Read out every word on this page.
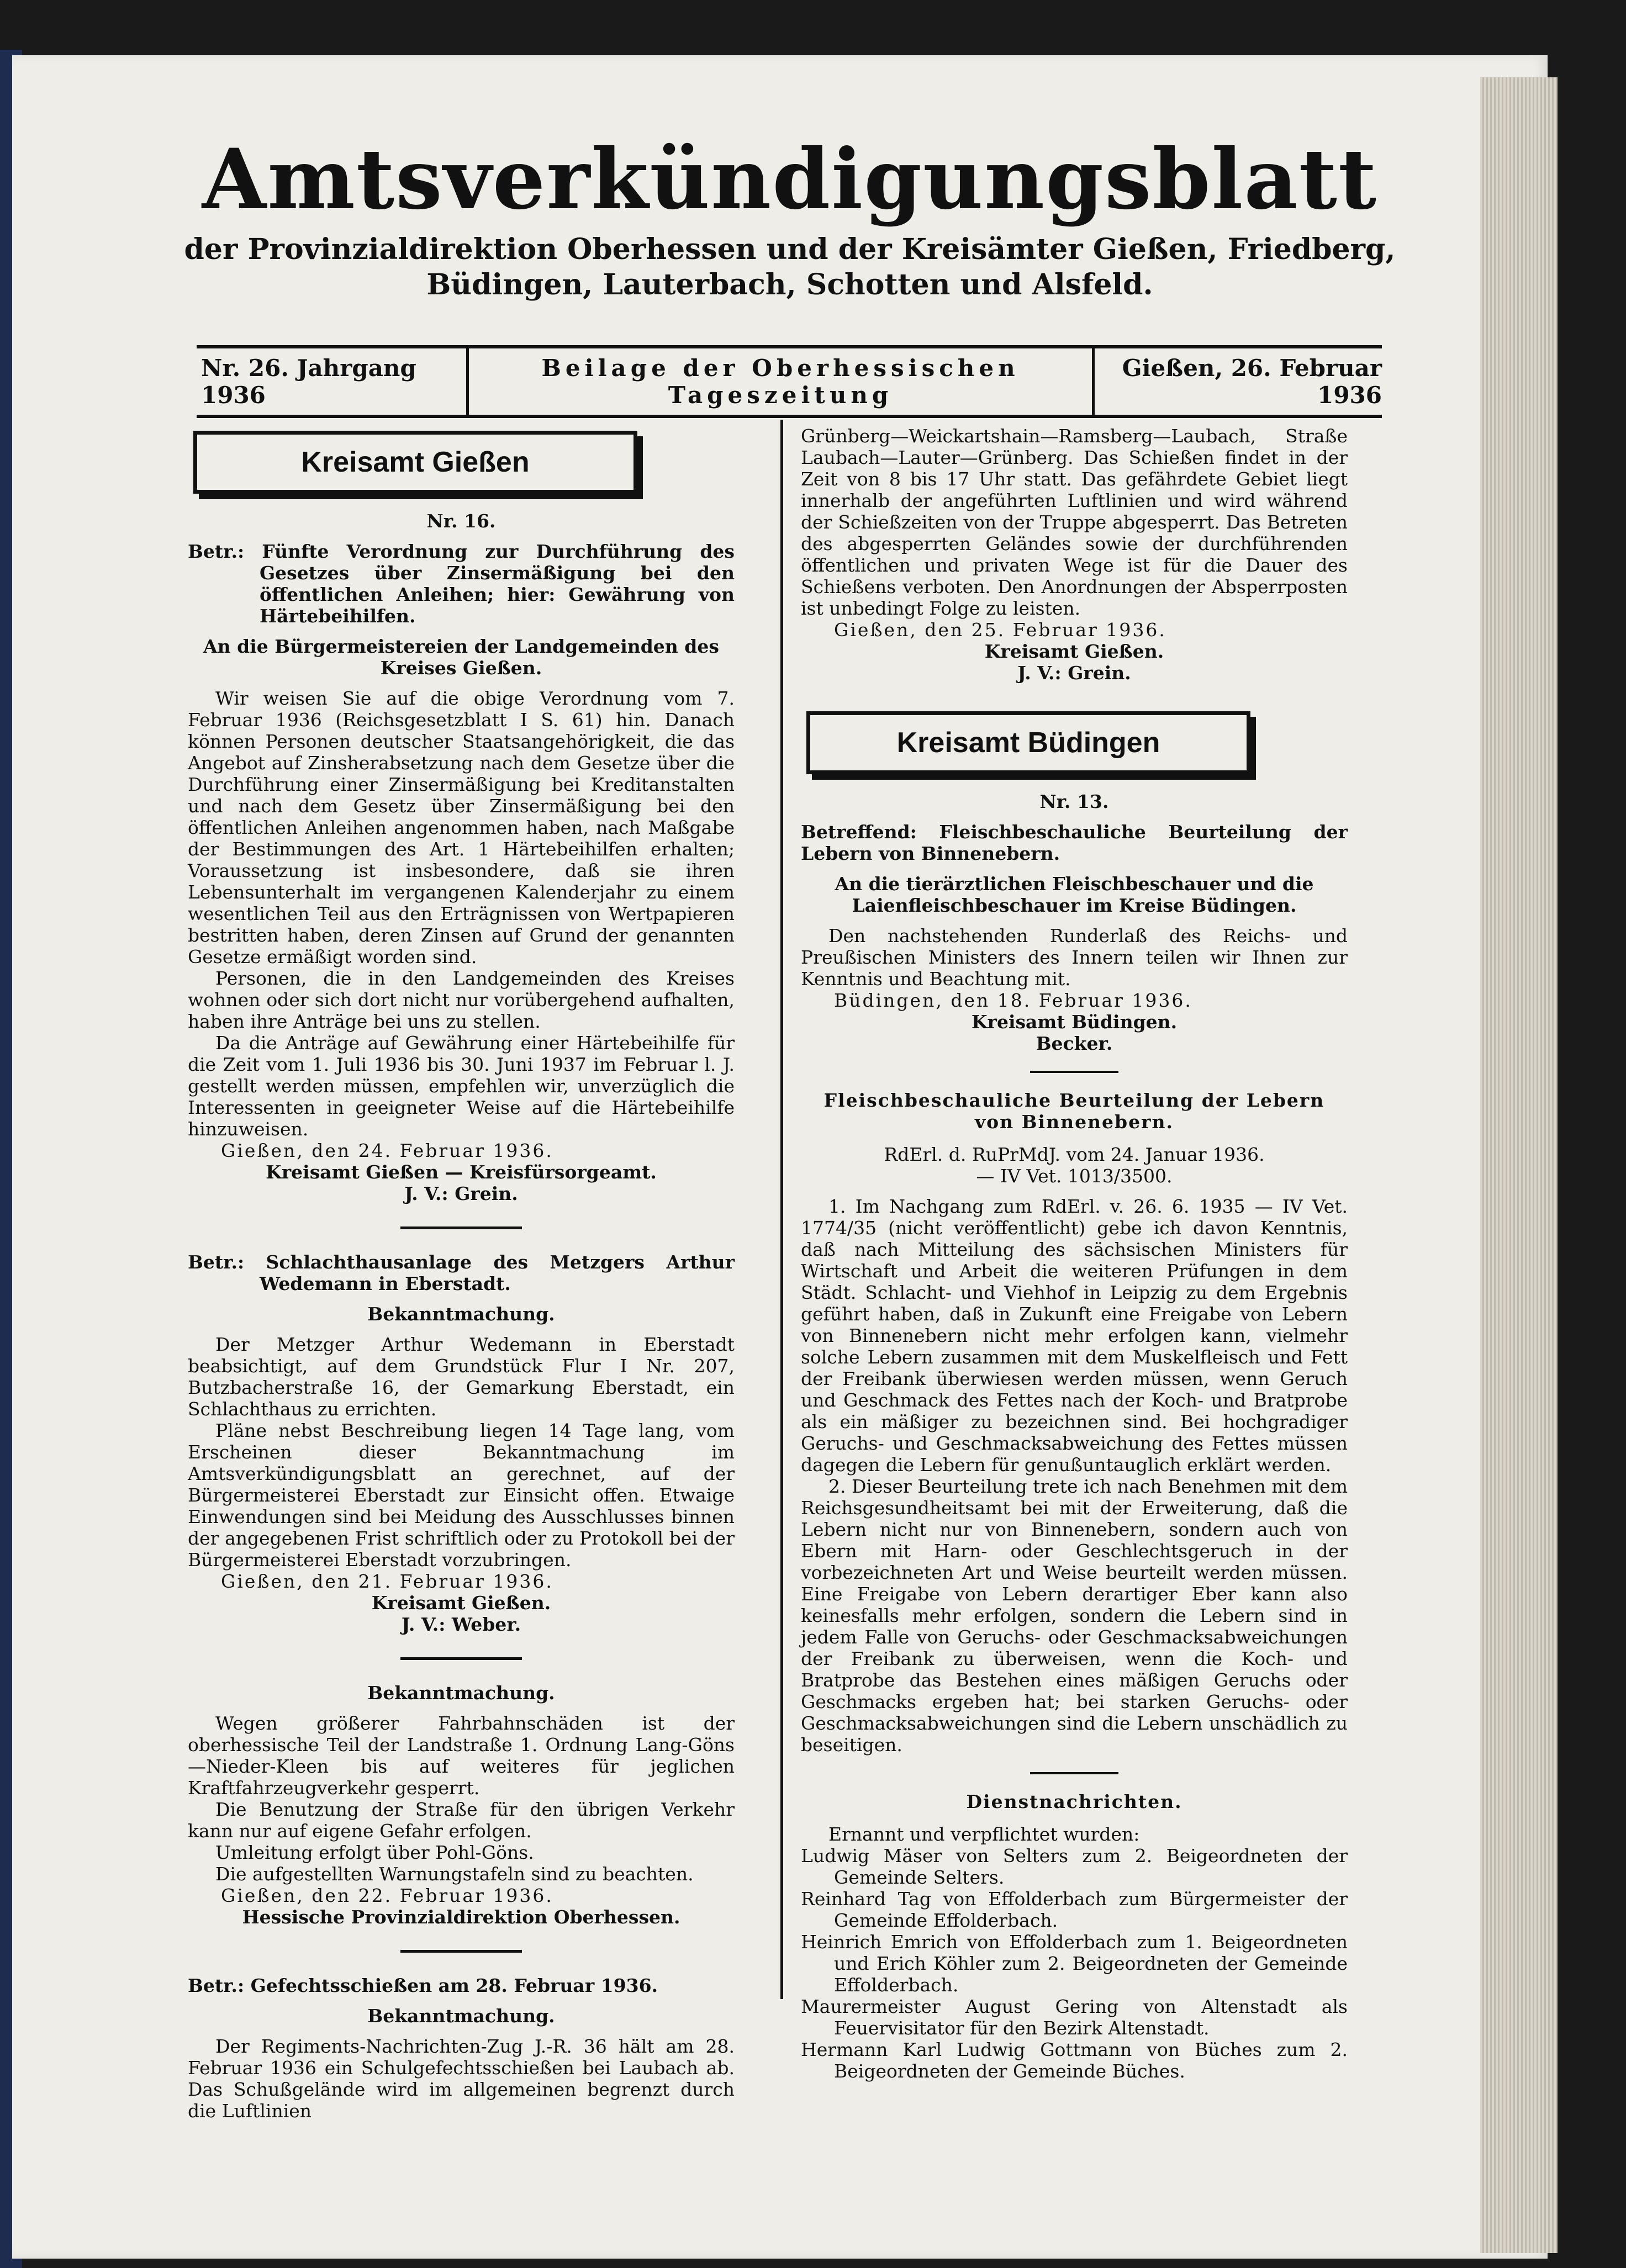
Amtsverkündigungsblatt
der Provinzialdirektion Oberhessen und der Kreisämter Gießen, Friedberg, Büdingen, Lauterbach, Schotten und Alsfeld.
Nr. 26. Jahrgang 1936
Beilage der Oberhessischen Tageszeitung
Gießen, 26. Februar 1936
Kreisamt Gießen
Nr. 16.

Betr.: Fünfte Verordnung zur Durchführung des Gesetzes über Zinsermäßigung bei den öffentlichen Anleihen; hier: Gewährung von Härtebeihilfen.

An die Bürgermeistereien der Landgemeinden des Kreises Gießen.

Wir weisen Sie auf die obige Verordnung vom 7. Februar 1936 (Reichsgesetzblatt I S. 61) hin. Danach können Personen deutscher Staatsangehörigkeit, die das Angebot auf Zinsherabsetzung nach dem Gesetze über die Durchführung einer Zinsermäßigung bei Kreditanstalten und nach dem Gesetz über Zinsermäßigung bei den öffentlichen Anleihen angenommen haben, nach Maßgabe der Bestimmungen des Art. 1 Härtebeihilfen erhalten; Voraussetzung ist insbesondere, daß sie ihren Lebensunterhalt im vergangenen Kalenderjahr zu einem wesentlichen Teil aus den Erträgnissen von Wertpapieren bestritten haben, deren Zinsen auf Grund der genannten Gesetze ermäßigt worden sind.

Personen, die in den Landgemeinden des Kreises wohnen oder sich dort nicht nur vorübergehend aufhalten, haben ihre Anträge bei uns zu stellen.

Da die Anträge auf Gewährung einer Härtebeihilfe für die Zeit vom 1. Juli 1936 bis 30. Juni 1937 im Februar l. J. gestellt werden müssen, empfehlen wir, unverzüglich die Interessenten in geeigneter Weise auf die Härtebeihilfe hinzuweisen.

Gießen, den 24. Februar 1936.

Kreisamt Gießen — Kreisfürsorgeamt.

J. V.: Grein.

Betr.: Schlachthausanlage des Metzgers Arthur Wedemann in Eberstadt.

Bekanntmachung.

Der Metzger Arthur Wedemann in Eberstadt beabsichtigt, auf dem Grundstück Flur I Nr. 207, Butzbacherstraße 16, der Gemarkung Eberstadt, ein Schlachthaus zu errichten.

Pläne nebst Beschreibung liegen 14 Tage lang, vom Erscheinen dieser Bekanntmachung im Amtsverkündigungsblatt an gerechnet, auf der Bürgermeisterei Eberstadt zur Einsicht offen. Etwaige Einwendungen sind bei Meidung des Ausschlusses binnen der angegebenen Frist schriftlich oder zu Protokoll bei der Bürgermeisterei Eberstadt vorzubringen.

Gießen, den 21. Februar 1936.

Kreisamt Gießen.

J. V.: Weber.

Bekanntmachung.

Wegen größerer Fahrbahnschäden ist der oberhessische Teil der Landstraße 1. Ordnung Lang-Göns—Nieder-Kleen bis auf weiteres für jeglichen Kraftfahrzeugverkehr gesperrt.

Die Benutzung der Straße für den übrigen Verkehr kann nur auf eigene Gefahr erfolgen.

Umleitung erfolgt über Pohl-Göns.

Die aufgestellten Warnungstafeln sind zu beachten.

Gießen, den 22. Februar 1936.

Hessische Provinzialdirektion Oberhessen.

Betr.: Gefechtsschießen am 28. Februar 1936.

Bekanntmachung.

Der Regiments-Nachrichten-Zug J.-R. 36 hält am 28. Februar 1936 ein Schulgefechtsschießen bei Laubach ab. Das Schußgelände wird im allgemeinen begrenzt durch die Luftlinien

Grünberg—Weickartshain—Ramsberg—Laubach, Straße Laubach—Lauter—Grünberg. Das Schießen findet in der Zeit von 8 bis 17 Uhr statt. Das gefährdete Gebiet liegt innerhalb der angeführten Luftlinien und wird während der Schießzeiten von der Truppe abgesperrt. Das Betreten des abgesperrten Geländes sowie der durchführenden öffentlichen und privaten Wege ist für die Dauer des Schießens verboten. Den Anordnungen der Absperrposten ist unbedingt Folge zu leisten.

Gießen, den 25. Februar 1936.

Kreisamt Gießen.

J. V.: Grein.

Kreisamt Büdingen
Nr. 13.

Betreffend: Fleischbeschauliche Beurteilung der Lebern von Binnenebern.

An die tierärztlichen Fleischbeschauer und die Laienfleischbeschauer im Kreise Büdingen.

Den nachstehenden Runderlaß des Reichs- und Preußischen Ministers des Innern teilen wir Ihnen zur Kenntnis und Beachtung mit.

Büdingen, den 18. Februar 1936.

Kreisamt Büdingen.

Becker.

Fleischbeschauliche Beurteilung der Lebern von Binnenebern.
RdErl. d. RuPrMdJ. vom 24. Januar 1936.
— IV Vet. 1013/3500.

1. Im Nachgang zum RdErl. v. 26. 6. 1935 — IV Vet. 1774/35 (nicht veröffentlicht) gebe ich davon Kenntnis, daß nach Mitteilung des sächsischen Ministers für Wirtschaft und Arbeit die weiteren Prüfungen in dem Städt. Schlacht- und Viehhof in Leipzig zu dem Ergebnis geführt haben, daß in Zukunft eine Freigabe von Lebern von Binnenebern nicht mehr erfolgen kann, vielmehr solche Lebern zusammen mit dem Muskelfleisch und Fett der Freibank überwiesen werden müssen, wenn Geruch und Geschmack des Fettes nach der Koch- und Bratprobe als ein mäßiger zu bezeichnen sind. Bei hochgradiger Geruchs- und Geschmacksabweichung des Fettes müssen dagegen die Lebern für genußuntauglich erklärt werden.

2. Dieser Beurteilung trete ich nach Benehmen mit dem Reichsgesundheitsamt bei mit der Erweiterung, daß die Lebern nicht nur von Binnenebern, sondern auch von Ebern mit Harn- oder Geschlechtsgeruch in der vorbezeichneten Art und Weise beurteilt werden müssen. Eine Freigabe von Lebern derartiger Eber kann also keinesfalls mehr erfolgen, sondern die Lebern sind in jedem Falle von Geruchs- oder Geschmacksabweichungen der Freibank zu überweisen, wenn die Koch- und Bratprobe das Bestehen eines mäßigen Geruchs oder Geschmacks ergeben hat; bei starken Geruchs- oder Geschmacksabweichungen sind die Lebern unschädlich zu beseitigen.

Dienstnachrichten.

Ernannt und verpflichtet wurden:

Ludwig Mäser von Selters zum 2. Beigeordneten der Gemeinde Selters.

Reinhard Tag von Effolderbach zum Bürgermeister der Gemeinde Effolderbach.

Heinrich Emrich von Effolderbach zum 1. Beigeordneten und Erich Köhler zum 2. Beigeordneten der Gemeinde Effolderbach.

Maurermeister August Gering von Altenstadt als Feuervisitator für den Bezirk Altenstadt.

Hermann Karl Ludwig Gottmann von Büches zum 2. Beigeordneten der Gemeinde Büches.
